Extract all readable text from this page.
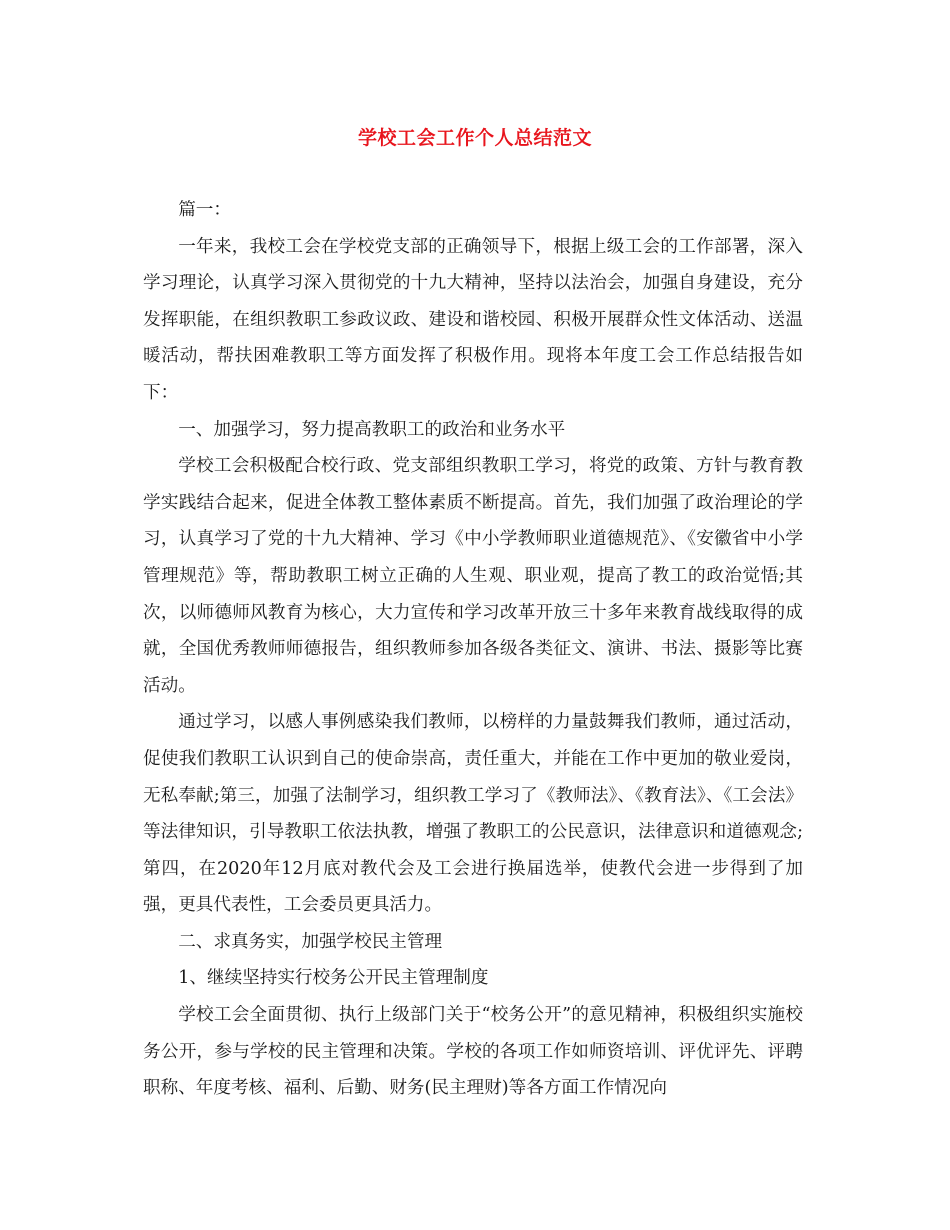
学校工会工作个人总结范文

篇一：

一年来，我校工会在学校党支部的正确领导下，根据上级工会的工作部署，深入学习理论，认真学习深入贯彻党的十九大精神，坚持以法治会，加强自身建设，充分发挥职能，在组织教职工参政议政、建设和谐校园、积极开展群众性文体活动、送温暖活动，帮扶困难教职工等方面发挥了积极作用。现将本年度工会工作总结报告如下：

一、加强学习，努力提高教职工的政治和业务水平

学校工会积极配合校行政、党支部组织教职工学习，将党的政策、方针与教育教学实践结合起来，促进全体教工整体素质不断提高。首先，我们加强了政治理论的学习，认真学习了党的十九大精神、学习《中小学教师职业道德规范》、《安徽省中小学管理规范》等，帮助教职工树立正确的人生观、职业观，提高了教工的政治觉悟;其次，以师德师风教育为核心，大力宣传和学习改革开放三十多年来教育战线取得的成就，全国优秀教师师德报告，组织教师参加各级各类征文、演讲、书法、摄影等比赛活动。

通过学习，以感人事例感染我们教师，以榜样的力量鼓舞我们教师，通过活动，促使我们教职工认识到自己的使命崇高，责任重大，并能在工作中更加的敬业爱岗，无私奉献;第三，加强了法制学习，组织教工学习了《教师法》、《教育法》、《工会法》等法律知识，引导教职工依法执教，增强了教职工的公民意识，法律意识和道德观念;第四，在2020年12月底对教代会及工会进行换届选举，使教代会进一步得到了加强，更具代表性，工会委员更具活力。

二、求真务实，加强学校民主管理

1、继续坚持实行校务公开民主管理制度

学校工会全面贯彻、执行上级部门关于“校务公开”的意见精神，积极组织实施校务公开，参与学校的民主管理和决策。学校的各项工作如师资培训、评优评先、评聘职称、年度考核、福利、后勤、财务(民主理财)等各方面工作情况向
